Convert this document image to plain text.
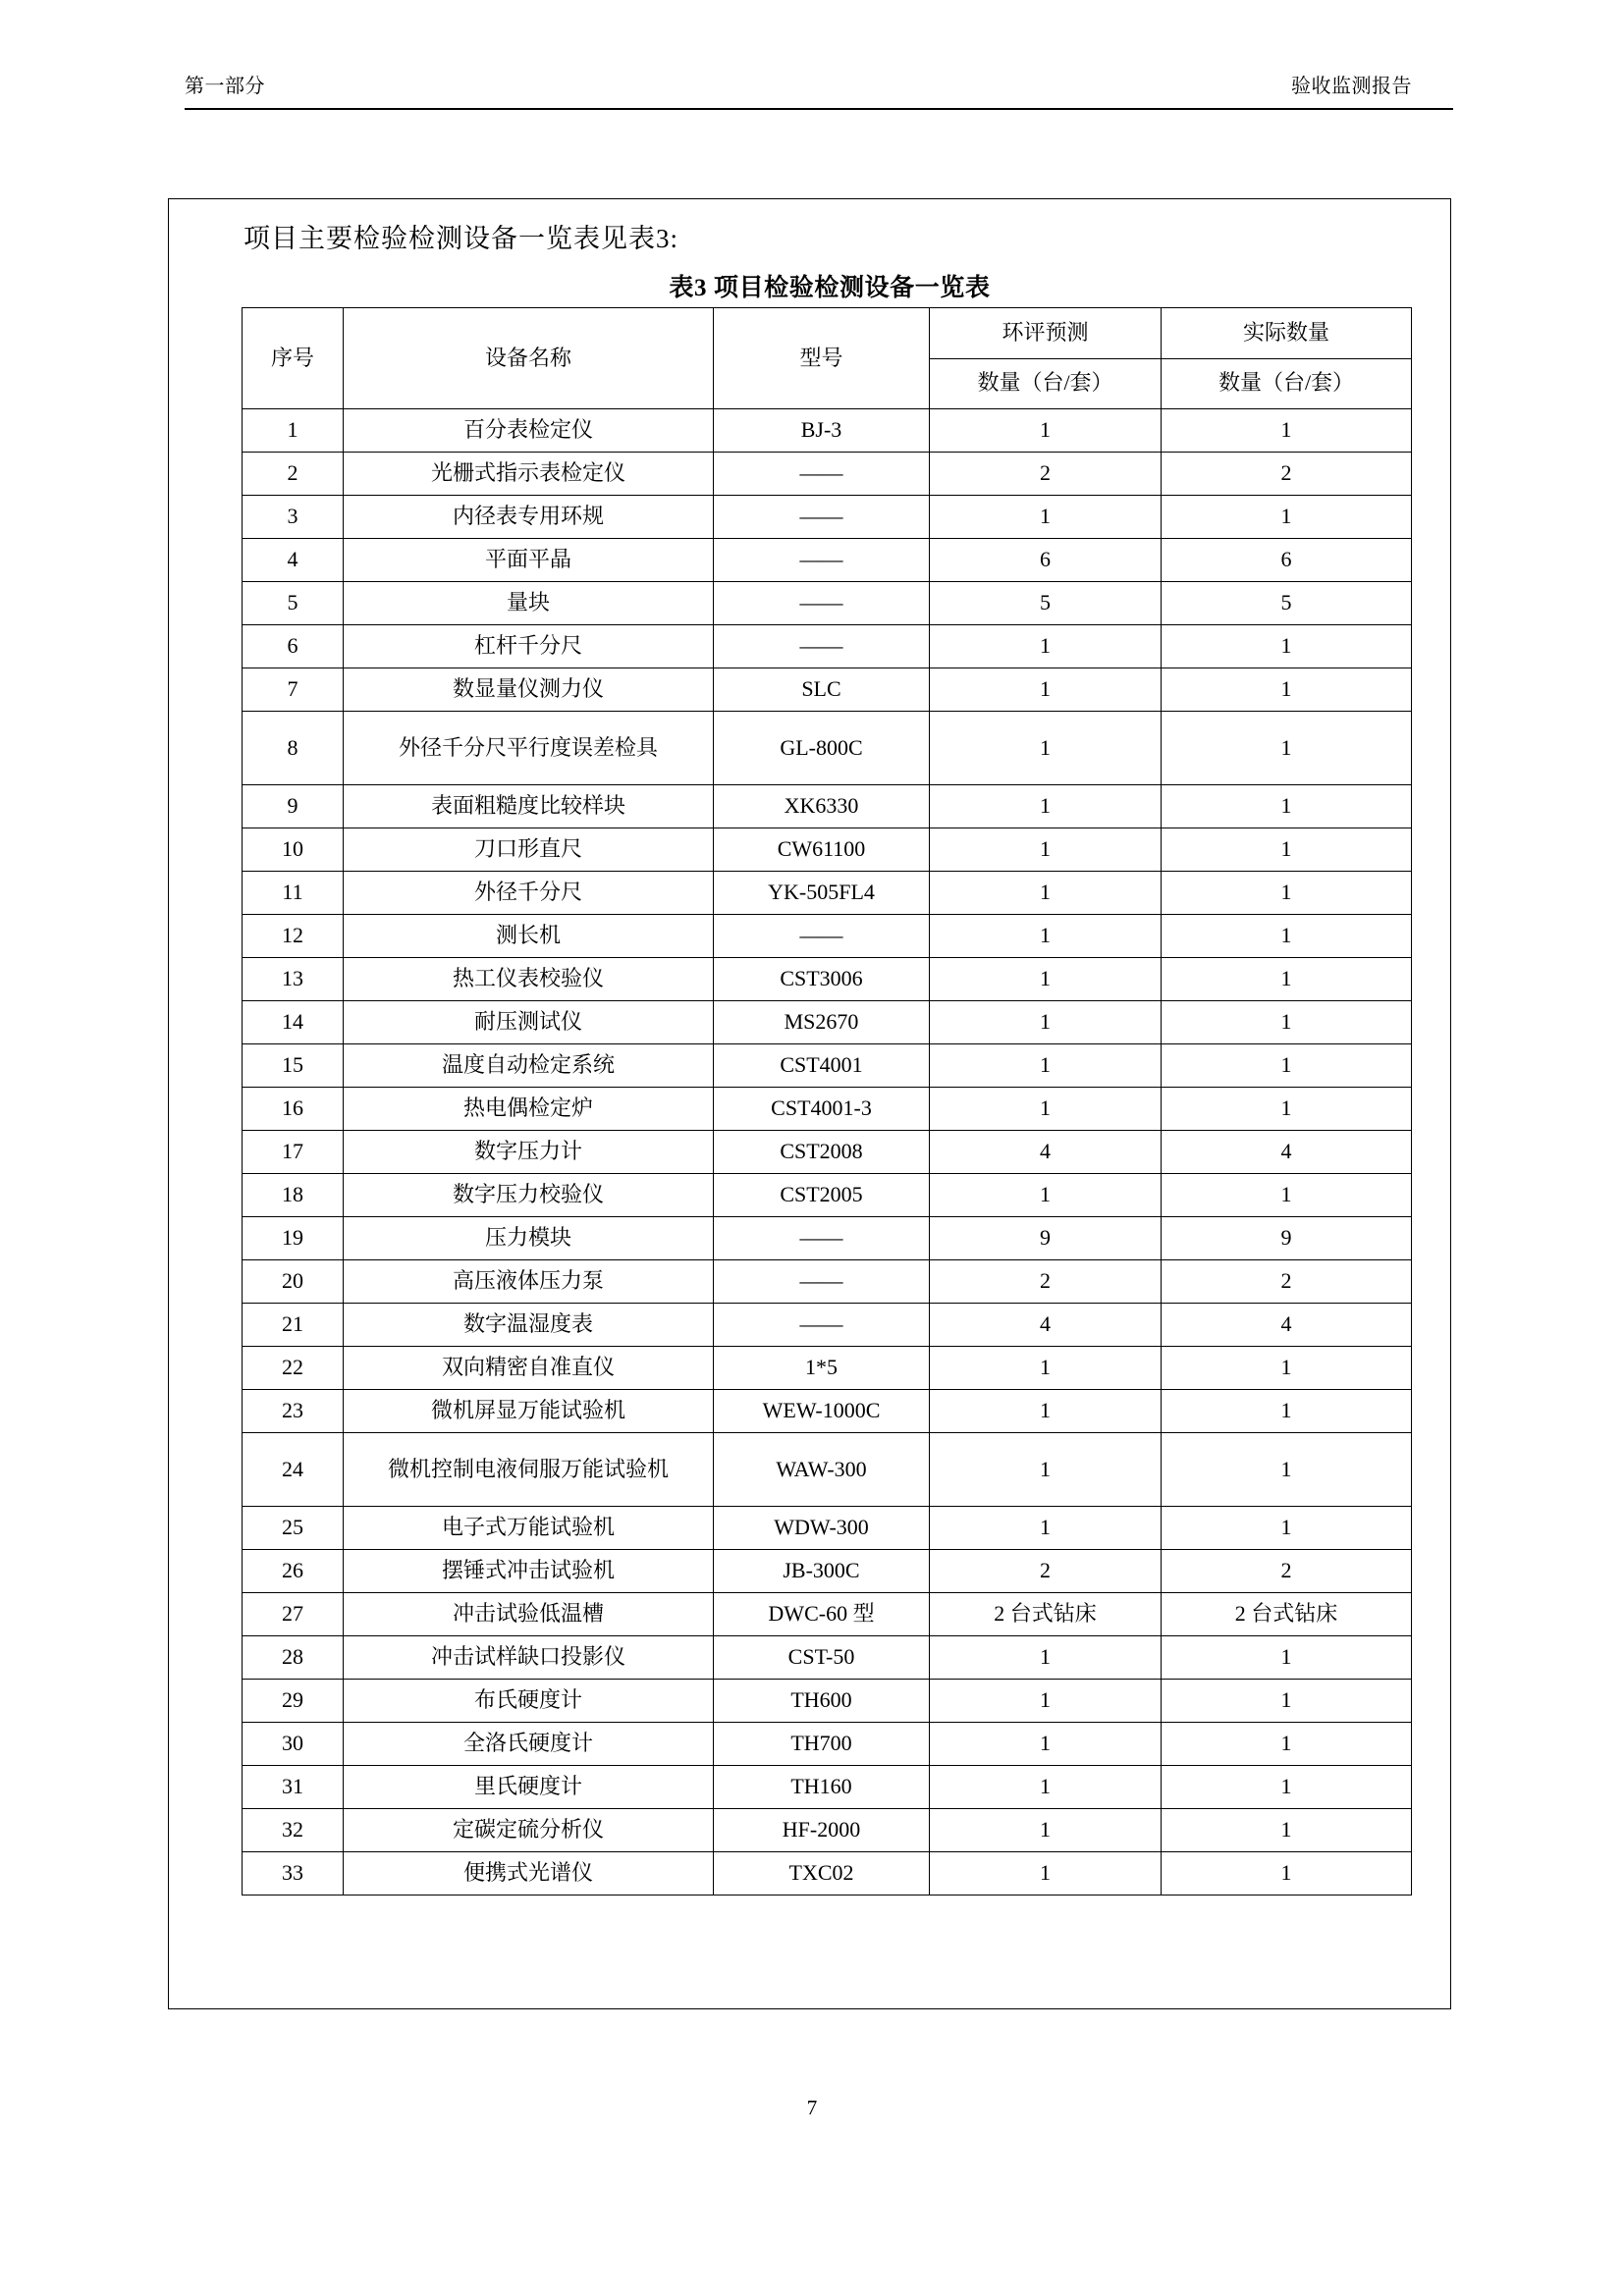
第一部分	验收监测报告
项目主要检验检测设备一览表见表3:
表3 项目检验检测设备一览表
序号	设备名称	型号	环评预测	实际数量
			数量（台/套）	数量（台/套）
1	百分表检定仪	BJ-3	1	1
2	光栅式指示表检定仪	——	2	2
3	内径表专用环规	——	1	1
4	平面平晶	——	6	6
5	量块	——	5	5
6	杠杆千分尺	——	1	1
7	数显量仪测力仪	SLC	1	1
8	外径千分尺平行度误差检具	GL-800C	1	1
9	表面粗糙度比较样块	XK6330	1	1
10	刀口形直尺	CW61100	1	1
11	外径千分尺	YK-505FL4	1	1
12	测长机	——	1	1
13	热工仪表校验仪	CST3006	1	1
14	耐压测试仪	MS2670	1	1
15	温度自动检定系统	CST4001	1	1
16	热电偶检定炉	CST4001-3	1	1
17	数字压力计	CST2008	4	4
18	数字压力校验仪	CST2005	1	1
19	压力模块	——	9	9
20	高压液体压力泵	——	2	2
21	数字温湿度表	——	4	4
22	双向精密自准直仪	1*5	1	1
23	微机屏显万能试验机	WEW-1000C	1	1
24	微机控制电液伺服万能试验机	WAW-300	1	1
25	电子式万能试验机	WDW-300	1	1
26	摆锤式冲击试验机	JB-300C	2	2
27	冲击试验低温槽	DWC-60 型	2 台式钻床	2 台式钻床
28	冲击试样缺口投影仪	CST-50	1	1
29	布氏硬度计	TH600	1	1
30	全洛氏硬度计	TH700	1	1
31	里氏硬度计	TH160	1	1
32	定碳定硫分析仪	HF-2000	1	1
33	便携式光谱仪	TXC02	1	1
7
